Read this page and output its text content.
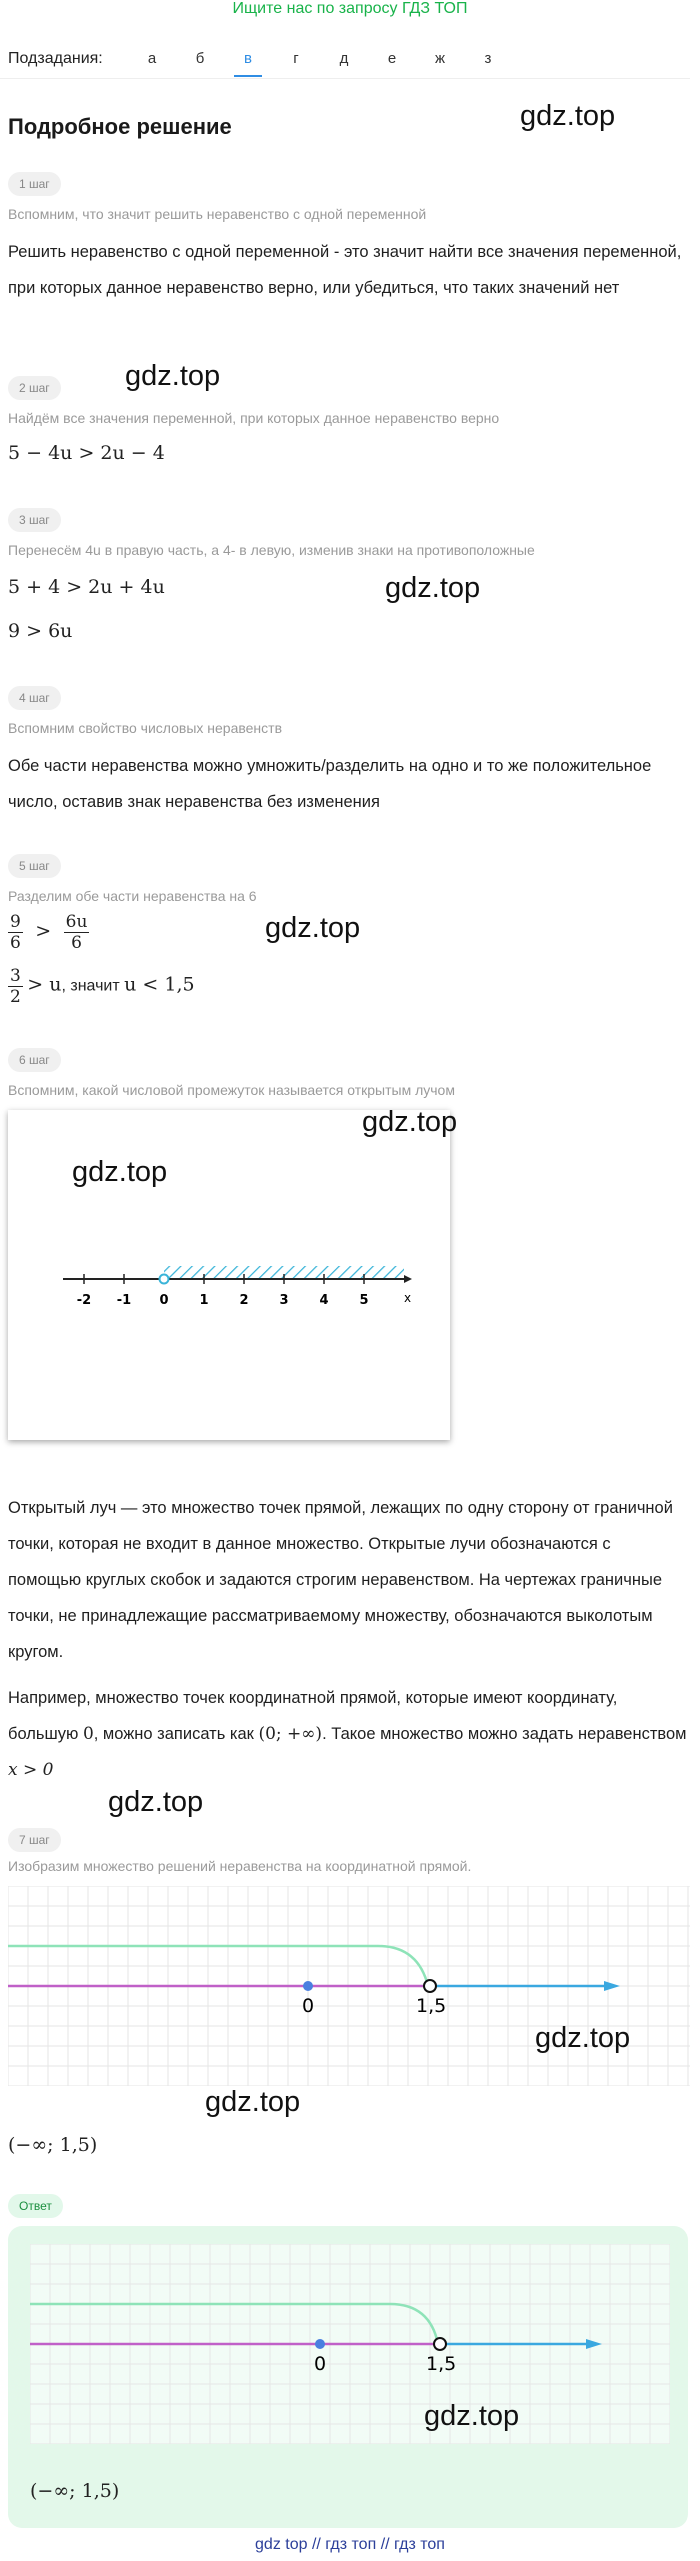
Ищите нас по запросу ГДЗ ТОП
Подзадания:	а	б	в	г	д	е	ж	з
Подробное решение	gdz.top
1 шаг
Вспомним, что значит решить неравенство с одной переменной
Решить неравенство с одной переменной - это значит найти все значения переменной, при которых данное неравенство верно, или убедиться, что таких значений нет
2 шаг	gdz.top
Найдём все значения переменной, при которых данное неравенство верно
5 − 4u > 2u − 4
3 шаг
Перенесём 4u в правую часть, а 4- в левую, изменив знаки на противоположные
gdz.top
5 + 4 > 2u + 4u
9 > 6u
4 шаг
Вспомним свойство числовых неравенств
Обе части неравенства можно умножить/разделить на одно и то же положительное число, оставив знак неравенства без изменения
5 шаг
Разделим обе части неравенства на 6
gdz.top
$\frac{9}{6} > \frac{6u}{6}$
$\frac{3}{2} > u$, значит u < 1,5
6 шаг
Вспомним, какой числовой промежуток называется открытым лучом
-2 -1 0 1 2 3 4 5	x
gdz.top
gdz.top
Открытый луч — это множество точек прямой, лежащих по одну сторону от граничной точки, которая не входит в данное множество. Открытые лучи обозначаются с помощью круглых скобок и задаются строгим неравенством. На чертежах граничные точки, не принадлежащие рассматриваемому множеству, обозначаются выколотым кругом.
Например, множество точек координатной прямой, которые имеют координату, большую 0, можно записать как (0; +∞). Такое множество можно задать неравенством x > 0
gdz.top
7 шаг
Изобразим множество решений неравенства на координатной прямой.
0	1,5
gdz.top
gdz.top
(−∞; 1,5)
Ответ
0	1,5
gdz.top
(−∞; 1,5)
gdz top // гдз топ // гдз топ
